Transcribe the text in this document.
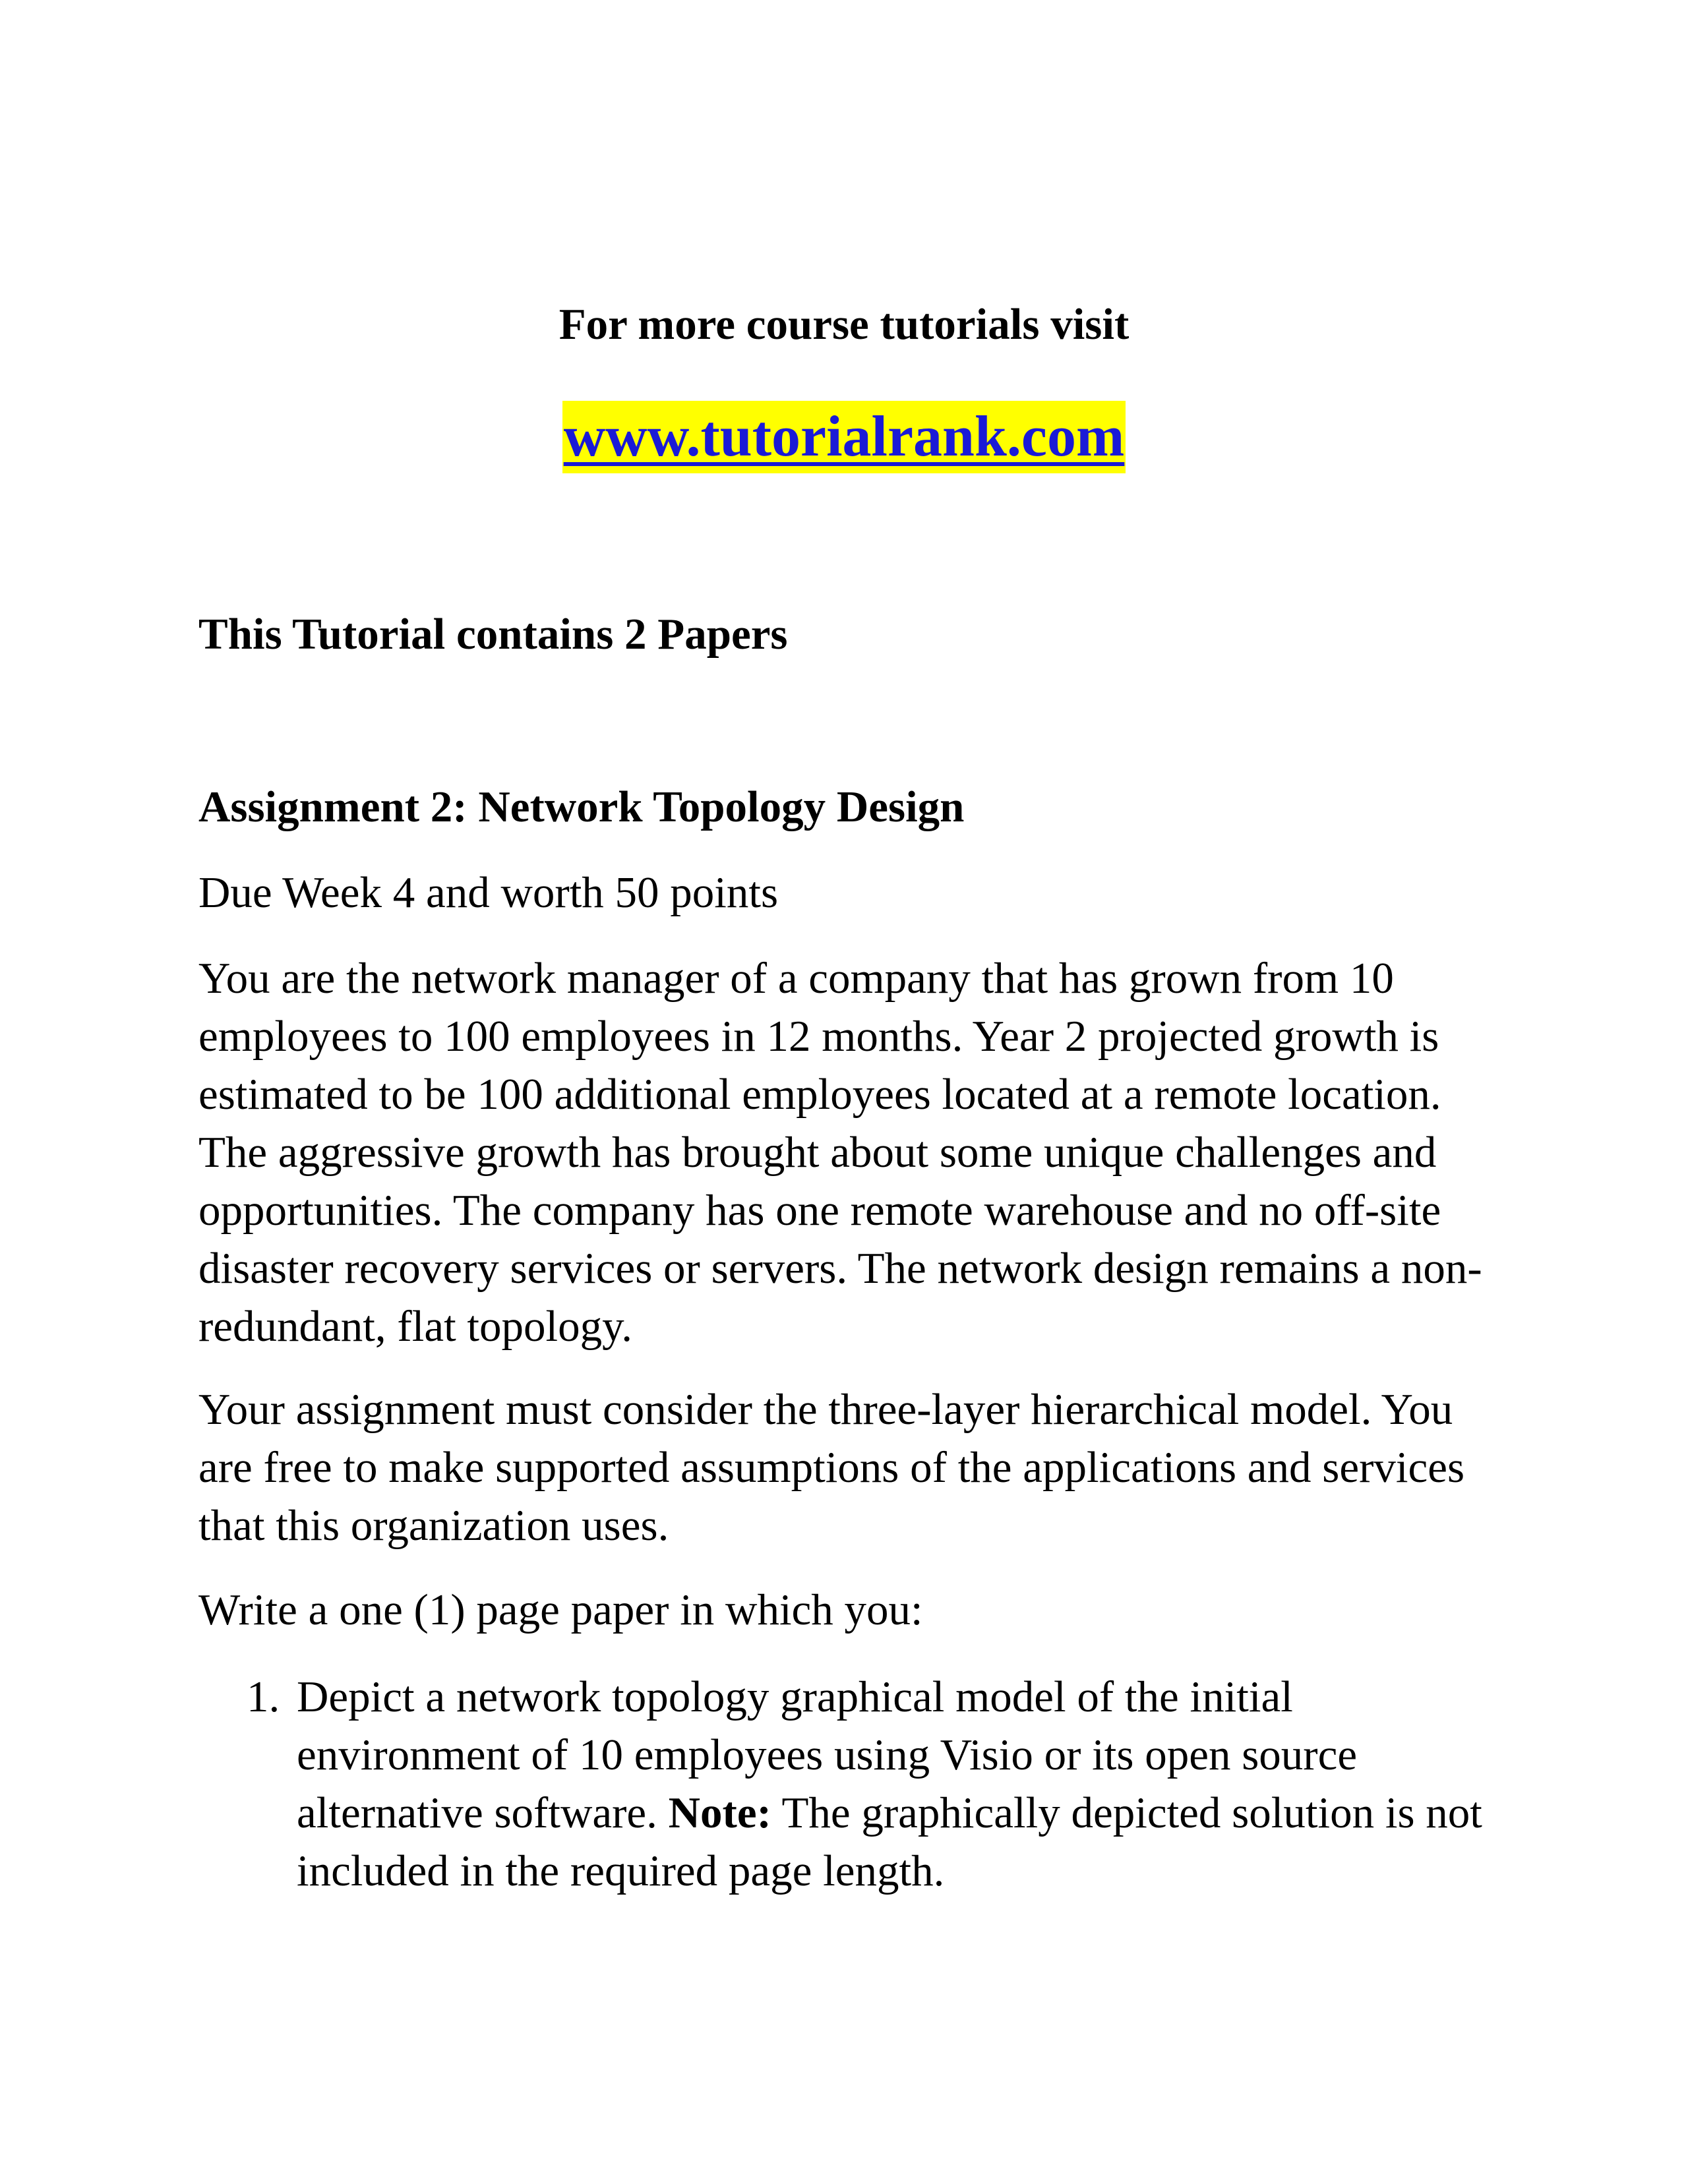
For more course tutorials visit

www.tutorialrank.com

This Tutorial contains 2 Papers

Assignment 2: Network Topology Design

Due Week 4 and worth 50 points

You are the network manager of a company that has grown from 10 employees to 100 employees in 12 months. Year 2 projected growth is estimated to be 100 additional employees located at a remote location. The aggressive growth has brought about some unique challenges and opportunities. The company has one remote warehouse and no off-site disaster recovery services or servers. The network design remains a non-redundant, flat topology.

Your assignment must consider the three-layer hierarchical model. You are free to make supported assumptions of the applications and services that this organization uses.

Write a one (1) page paper in which you:

1. Depict a network topology graphical model of the initial environment of 10 employees using Visio or its open source alternative software. Note: The graphically depicted solution is not included in the required page length.
